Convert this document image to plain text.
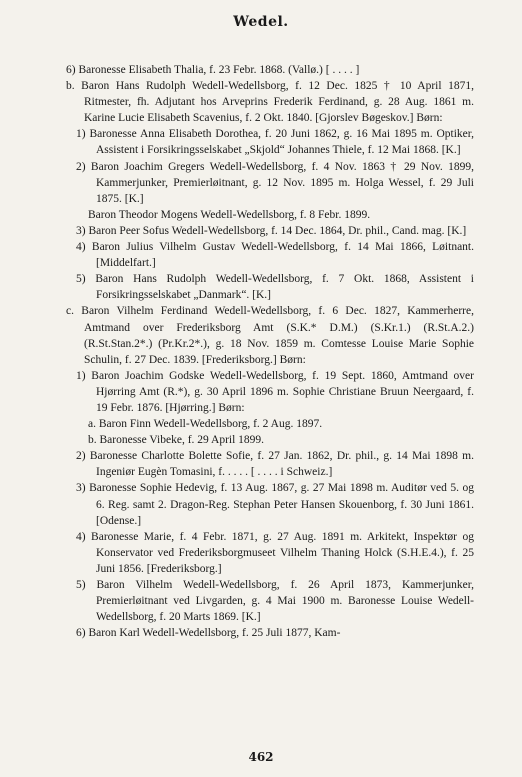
Wedel.

6) Baronesse Elisabeth Thalia, f. 23 Febr. 1868. (Vallø.) [ . . . . ]

b. Baron Hans Rudolph Wedell-Wedellsborg, f. 12 Dec. 1825 † 10 April 1871, Ritmester, fh. Adjutant hos Arveprins Frederik Ferdinand, g. 28 Aug. 1861 m. Karine Lucie Elisabeth Scavenius, f. 2 Okt. 1840. [Gjorslev Bøgeskov.] Børn:

1) Baronesse Anna Elisabeth Dorothea, f. 20 Juni 1862, g. 16 Mai 1895 m. Optiker, Assistent i Forsikringsselskabet „Skjold“ Johannes Thiele, f. 12 Mai 1868. [K.]

2) Baron Joachim Gregers Wedell-Wedellsborg, f. 4 Nov. 1863 † 29 Nov. 1899, Kammerjunker, Premierløitnant, g. 12 Nov. 1895 m. Holga Wessel, f. 29 Juli 1875. [K.]

Baron Theodor Mogens Wedell-Wedellsborg, f. 8 Febr. 1899.

3) Baron Peer Sofus Wedell-Wedellsborg, f. 14 Dec. 1864, Dr. phil., Cand. mag. [K.]

4) Baron Julius Vilhelm Gustav Wedell-Wedellsborg, f. 14 Mai 1866, Løitnant. [Middelfart.]

5) Baron Hans Rudolph Wedell-Wedellsborg, f. 7 Okt. 1868, Assistent i Forsikringsselskabet „Danmark“. [K.]

c. Baron Vilhelm Ferdinand Wedell-Wedellsborg, f. 6 Dec. 1827, Kammerherre, Amtmand over Frederiksborg Amt (S.K.* D.M.) (S.Kr.1.) (R.St.A.2.) (R.St.Stan.2*.) (Pr.Kr.2*.), g. 18 Nov. 1859 m. Comtesse Louise Marie Sophie Schulin, f. 27 Dec. 1839. [Frederiksborg.] Børn:

1) Baron Joachim Godske Wedell-Wedellsborg, f. 19 Sept. 1860, Amtmand over Hjørring Amt (R.*), g. 30 April 1896 m. Sophie Christiane Bruun Neergaard, f. 19 Febr. 1876. [Hjørring.] Børn:

a. Baron Finn Wedell-Wedellsborg, f. 2 Aug. 1897.

b. Baronesse Vibeke, f. 29 April 1899.

2) Baronesse Charlotte Bolette Sofie, f. 27 Jan. 1862, Dr. phil., g. 14 Mai 1898 m. Ingeniør Eugèn Tomasini, f. . . . . [ . . . . i Schweiz.]

3) Baronesse Sophie Hedevig, f. 13 Aug. 1867, g. 27 Mai 1898 m. Auditør ved 5. og 6. Reg. samt 2. Dragon-Reg. Stephan Peter Hansen Skouenborg, f. 30 Juni 1861. [Odense.]

4) Baronesse Marie, f. 4 Febr. 1871, g. 27 Aug. 1891 m. Arkitekt, Inspektør og Konservator ved Frederiksborgmuseet Vilhelm Thaning Holck (S.H.E.4.), f. 25 Juni 1856. [Frederiksborg.]

5) Baron Vilhelm Wedell-Wedellsborg, f. 26 April 1873, Kammerjunker, Premierløitnant ved Livgarden, g. 4 Mai 1900 m. Baronesse Louise Wedell-Wedellsborg, f. 20 Marts 1869. [K.]

6) Baron Karl Wedell-Wedellsborg, f. 25 Juli 1877, Kam-

462
